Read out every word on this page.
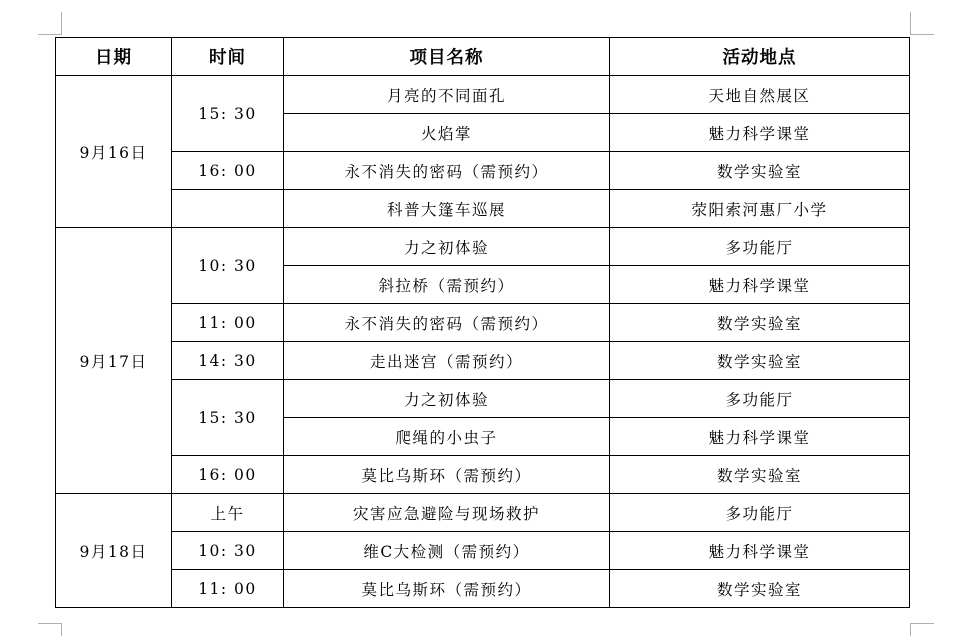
日期	时间	项目名称	活动地点
9月16日	15: 30	月亮的不同面孔	天地自然展区
		火焰掌	魅力科学课堂
	16: 00	永不消失的密码（需预约）	数学实验室
		科普大篷车巡展	荥阳索河惠厂小学
9月17日	10: 30	力之初体验	多功能厅
		斜拉桥（需预约）	魅力科学课堂
	11: 00	永不消失的密码（需预约）	数学实验室
	14: 30	走出迷宫（需预约）	数学实验室
	15: 30	力之初体验	多功能厅
		爬绳的小虫子	魅力科学课堂
	16: 00	莫比乌斯环（需预约）	数学实验室
9月18日	上午	灾害应急避险与现场救护	多功能厅
	10: 30	维C大检测（需预约）	魅力科学课堂
	11: 00	莫比乌斯环（需预约）	数学实验室
